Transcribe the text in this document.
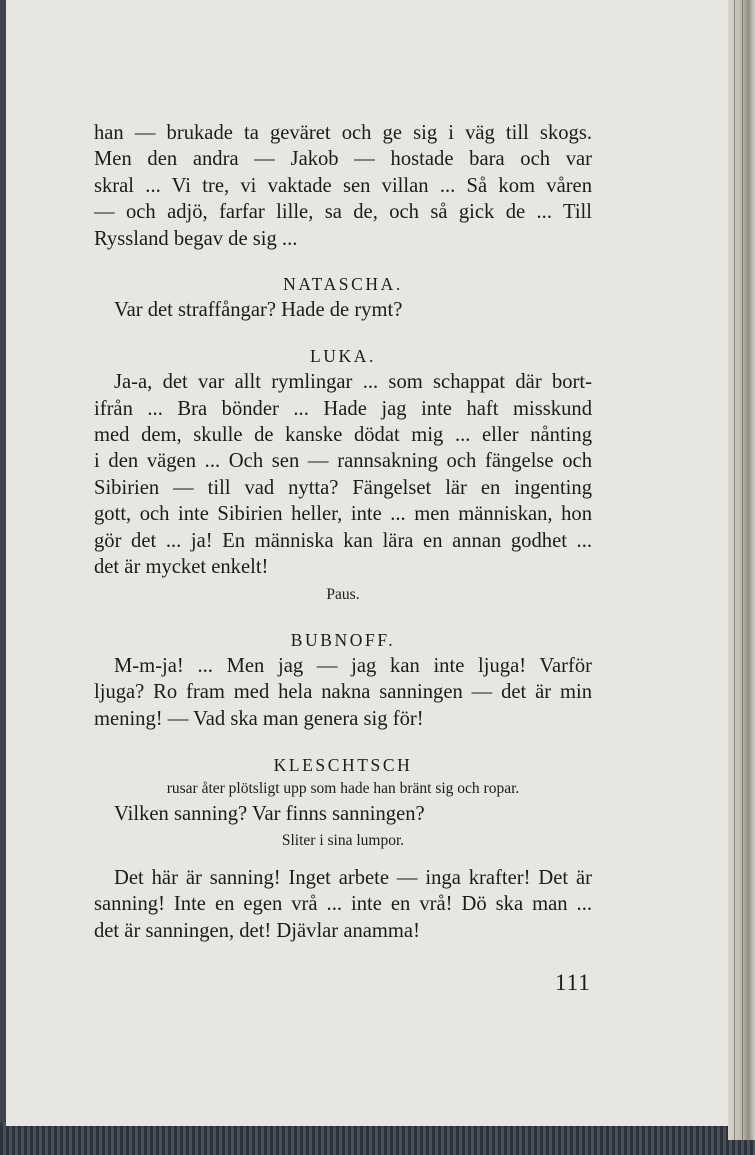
han — brukade ta geväret och ge sig i väg till skogs.
Men den andra — Jakob — hostade bara och var
skral ... Vi tre, vi vaktade sen villan ... Så kom våren
— och adjö, farfar lille, sa de, och så gick de ... Till
Ryssland begav de sig ...

NATASCHA.

Var det straffångar? Hade de rymt?

LUKA.

Ja-a, det var allt rymlingar ... som schappat där bort-
ifrån ... Bra bönder ... Hade jag inte haft misskund
med dem, skulle de kanske dödat mig ... eller nånting
i den vägen ... Och sen — rannsakning och fängelse och
Sibirien — till vad nytta? Fängelset lär en ingenting
gott, och inte Sibirien heller, inte ... men människan, hon
gör det ... ja! En människa kan lära en annan godhet ...
det är mycket enkelt!

Paus.

BUBNOFF.

M-m-ja! ... Men jag — jag kan inte ljuga! Varför
ljuga? Ro fram med hela nakna sanningen — det är min
mening! — Vad ska man genera sig för!

KLESCHTSCH

rusar åter plötsligt upp som hade han bränt sig och ropar.

Vilken sanning? Var finns sanningen?

Sliter i sina lumpor.

Det här är sanning! Inget arbete — inga krafter! Det är
sanning! Inte en egen vrå ... inte en vrå! Dö ska man ...
det är sanningen, det! Djävlar anamma!
111
